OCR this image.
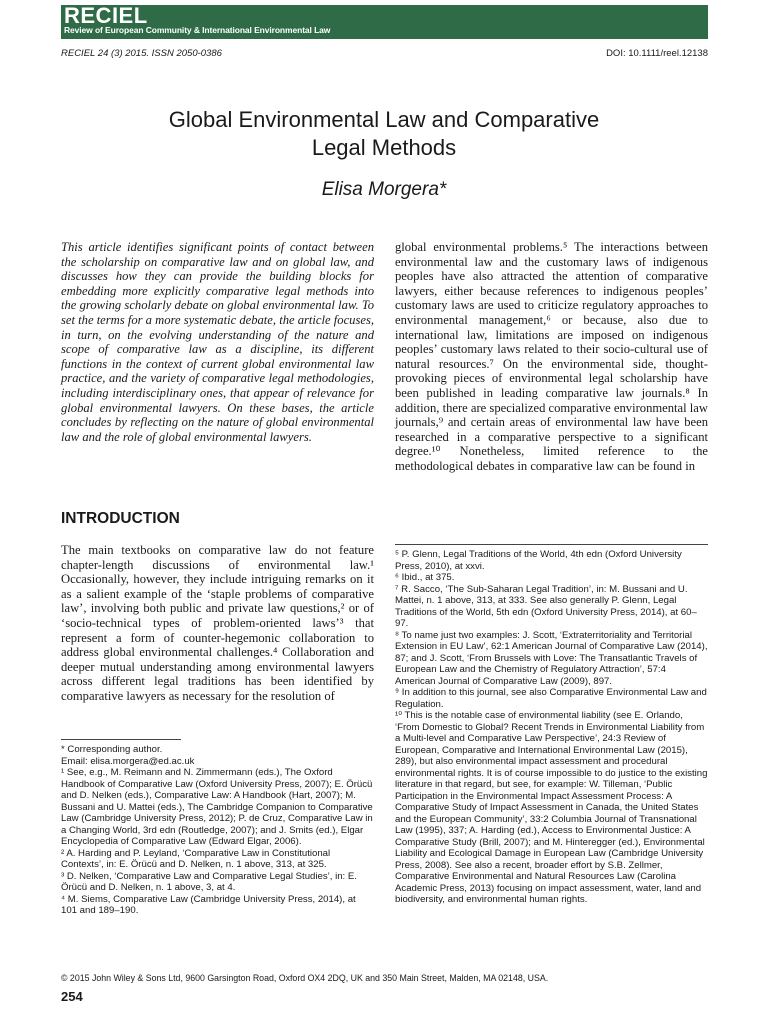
RECIEL
Review of European Community & International Environmental Law
RECIEL 24 (3) 2015. ISSN 2050-0386	DOI: 10.1111/reel.12138
Global Environmental Law and Comparative
Legal Methods
Elisa Morgera*
This article identifies significant points of contact between the scholarship on comparative law and on global law, and discusses how they can provide the building blocks for embedding more explicitly comparative legal methods into the growing scholarly debate on global environmental law. To set the terms for a more systematic debate, the article focuses, in turn, on the evolving understanding of the nature and scope of comparative law as a discipline, its different functions in the context of current global environmental law practice, and the variety of comparative legal methodologies, including interdisciplinary ones, that appear of relevance for global environmental lawyers. On these bases, the article concludes by reflecting on the nature of global environmental law and the role of global environmental lawyers.
INTRODUCTION
The main textbooks on comparative law do not feature chapter-length discussions of environmental law.¹ Occasionally, however, they include intriguing remarks on it as a salient example of the ‘staple problems of comparative law’, involving both public and private law questions,² or of ‘socio-technical types of problem-oriented laws’³ that represent a form of counter-hegemonic collaboration to address global environmental challenges.⁴ Collaboration and deeper mutual understanding among environmental lawyers across different legal traditions has been identified by comparative lawyers as necessary for the resolution of
global environmental problems.⁵ The interactions between environmental law and the customary laws of indigenous peoples have also attracted the attention of comparative lawyers, either because references to indigenous peoples’ customary laws are used to criticize regulatory approaches to environmental management,⁶ or because, also due to international law, limitations are imposed on indigenous peoples’ customary laws related to their socio-cultural use of natural resources.⁷ On the environmental side, thought-provoking pieces of environmental legal scholarship have been published in leading comparative law journals.⁸ In addition, there are specialized comparative environmental law journals,⁹ and certain areas of environmental law have been researched in a comparative perspective to a significant degree.¹⁰ Nonetheless, limited reference to the methodological debates in comparative law can be found in

* Corresponding author.

Email: elisa.morgera@ed.ac.uk

¹ See, e.g., M. Reimann and N. Zimmermann (eds.), The Oxford Handbook of Comparative Law (Oxford University Press, 2007); E. Örücü and D. Nelken (eds.), Comparative Law: A Handbook (Hart, 2007); M. Bussani and U. Mattei (eds.), The Cambridge Companion to Comparative Law (Cambridge University Press, 2012); P. de Cruz, Comparative Law in a Changing World, 3rd edn (Routledge, 2007); and J. Smits (ed.), Elgar Encyclopedia of Comparative Law (Edward Elgar, 2006).

² A. Harding and P. Leyland, ‘Comparative Law in Constitutional Contexts’, in: E. Örücü and D. Nelken, n. 1 above, 313, at 325.

³ D. Nelken, ‘Comparative Law and Comparative Legal Studies’, in: E. Örücü and D. Nelken, n. 1 above, 3, at 4.

⁴ M. Siems, Comparative Law (Cambridge University Press, 2014), at 101 and 189–190.

⁵ P. Glenn, Legal Traditions of the World, 4th edn (Oxford University Press, 2010), at xxvi.

⁶ Ibid., at 375.

⁷ R. Sacco, ‘The Sub-Saharan Legal Tradition’, in: M. Bussani and U. Mattei, n. 1 above, 313, at 333. See also generally P. Glenn, Legal Traditions of the World, 5th edn (Oxford University Press, 2014), at 60–97.

⁸ To name just two examples: J. Scott, ‘Extraterritoriality and Territorial Extension in EU Law’, 62:1 American Journal of Comparative Law (2014), 87; and J. Scott, ‘From Brussels with Love: The Transatlantic Travels of European Law and the Chemistry of Regulatory Attraction’, 57:4 American Journal of Comparative Law (2009), 897.

⁹ In addition to this journal, see also Comparative Environmental Law and Regulation.

¹⁰ This is the notable case of environmental liability (see E. Orlando, ‘From Domestic to Global? Recent Trends in Environmental Liability from a Multi-level and Comparative Law Perspective’, 24:3 Review of European, Comparative and International Environmental Law (2015), 289), but also environmental impact assessment and procedural environmental rights. It is of course impossible to do justice to the existing literature in that regard, but see, for example: W. Tilleman, ‘Public Participation in the Environmental Impact Assessment Process: A Comparative Study of Impact Assessment in Canada, the United States and the European Community’, 33:2 Columbia Journal of Transnational Law (1995), 337; A. Harding (ed.), Access to Environmental Justice: A Comparative Study (Brill, 2007); and M. Hinteregger (ed.), Environmental Liability and Ecological Damage in European Law (Cambridge University Press, 2008). See also a recent, broader effort by S.B. Zellmer, Comparative Environmental and Natural Resources Law (Carolina Academic Press, 2013) focusing on impact assessment, water, land and biodiversity, and environmental human rights.

© 2015 John Wiley & Sons Ltd, 9600 Garsington Road, Oxford OX4 2DQ, UK and 350 Main Street, Malden, MA 02148, USA.
254
